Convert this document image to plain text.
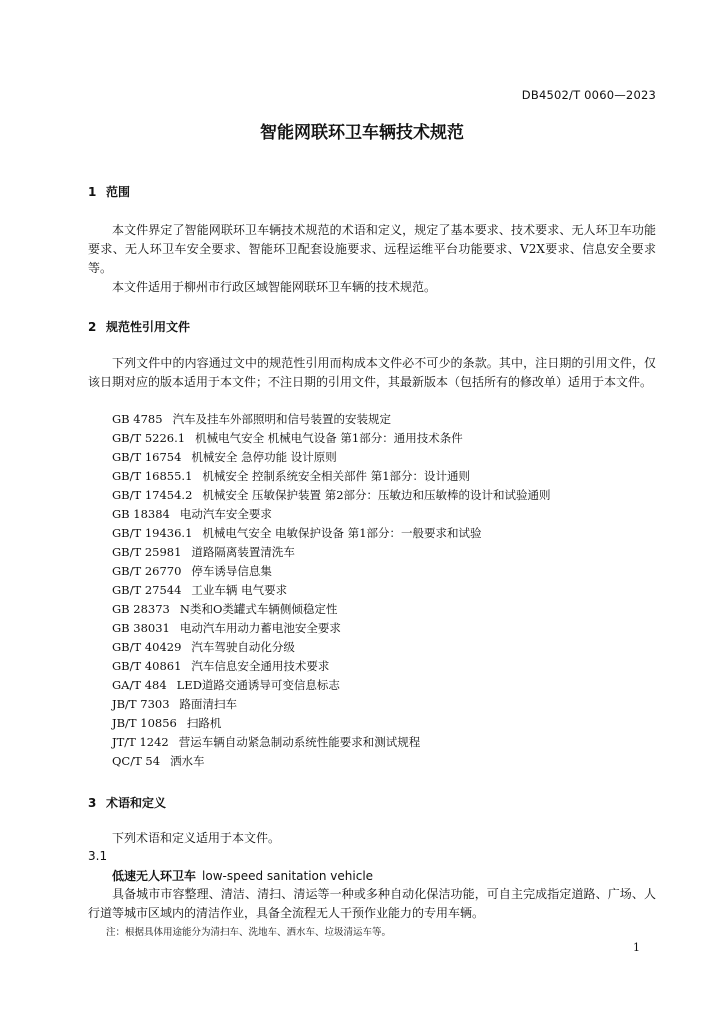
DB4502/T 0060—2023
智能网联环卫车辆技术规范
1 范围

本文件界定了智能网联环卫车辆技术规范的术语和定义，规定了基本要求、技术要求、无人环卫车功能要求、无人环卫车安全要求、智能环卫配套设施要求、远程运维平台功能要求、V2X要求、信息安全要求等。

本文件适用于柳州市行政区域智能网联环卫车辆的技术规范。

2 规范性引用文件

下列文件中的内容通过文中的规范性引用而构成本文件必不可少的条款。其中，注日期的引用文件，仅该日期对应的版本适用于本文件；不注日期的引用文件，其最新版本（包括所有的修改单）适用于本文件。

GB 4785 汽车及挂车外部照明和信号装置的安装规定
GB/T 5226.1 机械电气安全 机械电气设备 第1部分：通用技术条件
GB/T 16754 机械安全 急停功能 设计原则
GB/T 16855.1 机械安全 控制系统安全相关部件 第1部分：设计通则
GB/T 17454.2 机械安全 压敏保护装置 第2部分：压敏边和压敏棒的设计和试验通则
GB 18384 电动汽车安全要求
GB/T 19436.1 机械电气安全 电敏保护设备 第1部分：一般要求和试验
GB/T 25981 道路隔离装置清洗车
GB/T 26770 停车诱导信息集
GB/T 27544 工业车辆 电气要求
GB 28373 N类和O类罐式车辆侧倾稳定性
GB 38031 电动汽车用动力蓄电池安全要求
GB/T 40429 汽车驾驶自动化分级
GB/T 40861 汽车信息安全通用技术要求
GA/T 484 LED道路交通诱导可变信息标志
JB/T 7303 路面清扫车
JB/T 10856 扫路机
JT/T 1242 营运车辆自动紧急制动系统性能要求和测试规程
QC/T 54 洒水车
3 术语和定义

下列术语和定义适用于本文件。

3.1
低速无人环卫车 low-speed sanitation vehicle

具备城市市容整理、清洁、清扫、清运等一种或多种自动化保洁功能，可自主完成指定道路、广场、人行道等城市区域内的清洁作业，具备全流程无人干预作业能力的专用车辆。

注：根据具体用途能分为清扫车、洗地车、洒水车、垃圾清运车等。
1
